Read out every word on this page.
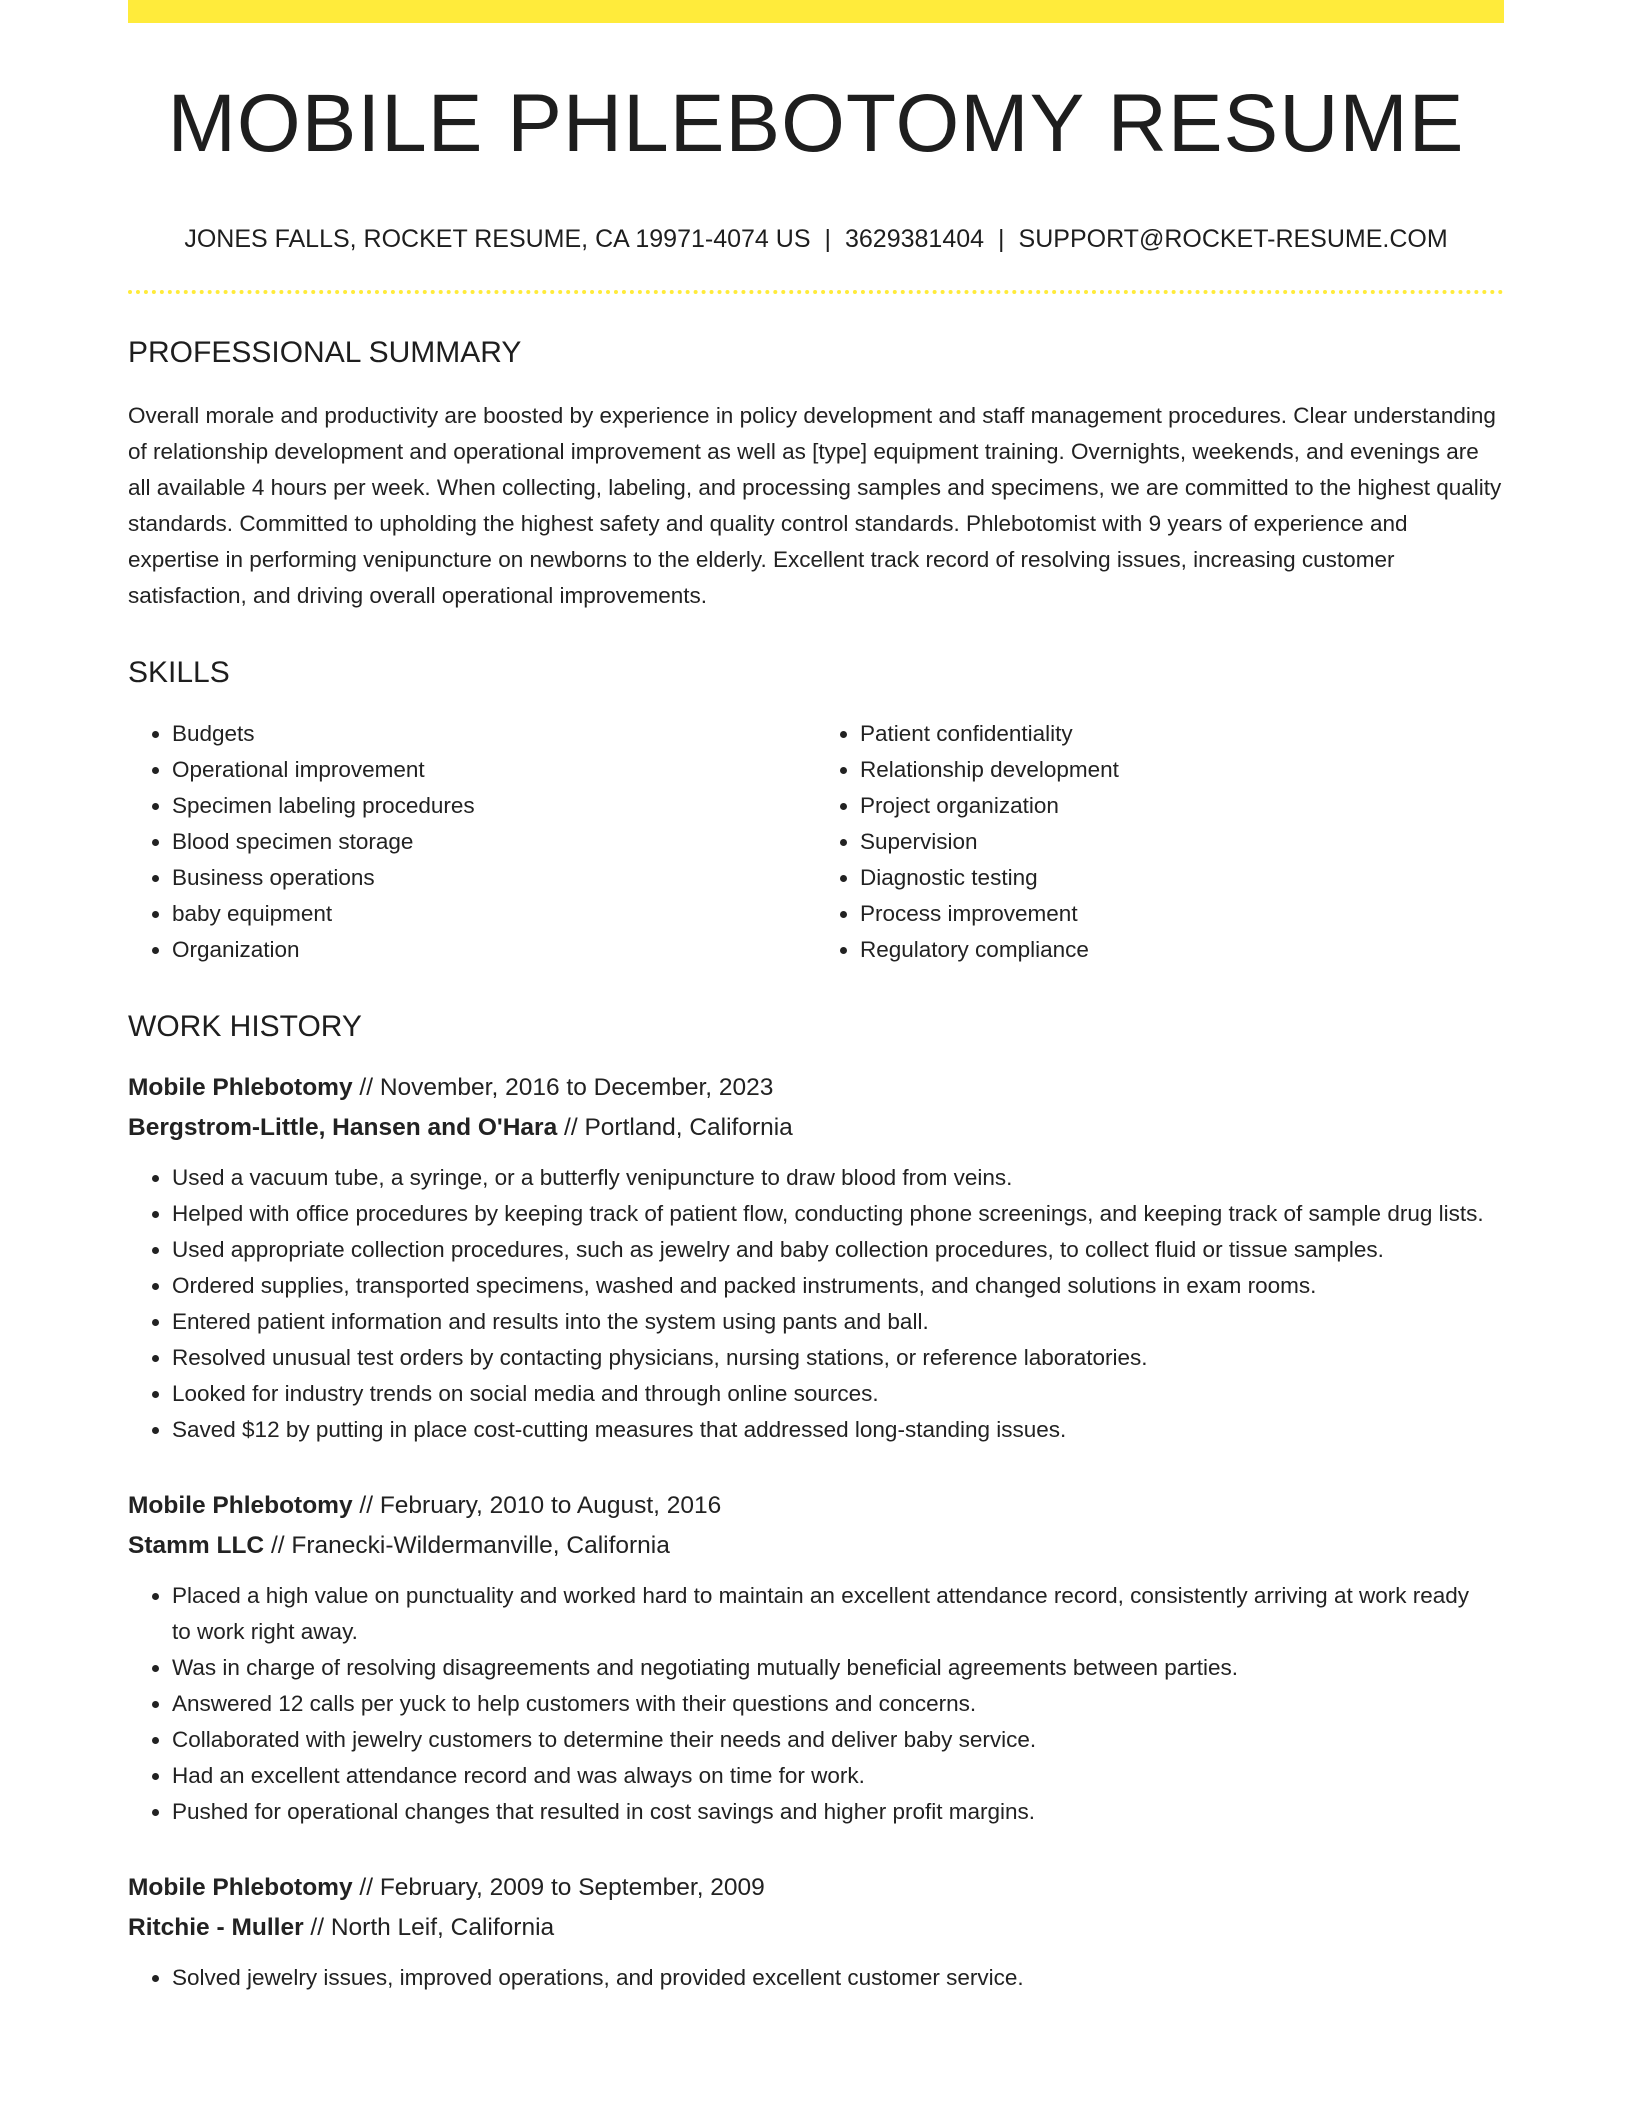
MOBILE PHLEBOTOMY RESUME
JONES FALLS, ROCKET RESUME, CA 19971-4074 US | 3629381404 | SUPPORT@ROCKET-RESUME.COM
PROFESSIONAL SUMMARY

Overall morale and productivity are boosted by experience in policy development and staff management procedures. Clear understanding of relationship development and operational improvement as well as [type] equipment training. Overnights, weekends, and evenings are all available 4 hours per week. When collecting, labeling, and processing samples and specimens, we are committed to the highest quality standards. Committed to upholding the highest safety and quality control standards. Phlebotomist with 9 years of experience and expertise in performing venipuncture on newborns to the elderly. Excellent track record of resolving issues, increasing customer satisfaction, and driving overall operational improvements.

SKILLS
• Budgets
• Operational improvement
• Specimen labeling procedures
• Blood specimen storage
• Business operations
• baby equipment
• Organization
• Patient confidentiality
• Relationship development
• Project organization
• Supervision
• Diagnostic testing
• Process improvement
• Regulatory compliance
WORK HISTORY
Mobile Phlebotomy // November, 2016 to December, 2023
Bergstrom-Little, Hansen and O'Hara // Portland, California
• Used a vacuum tube, a syringe, or a butterfly venipuncture to draw blood from veins.
• Helped with office procedures by keeping track of patient flow, conducting phone screenings, and keeping track of sample drug lists.
• Used appropriate collection procedures, such as jewelry and baby collection procedures, to collect fluid or tissue samples.
• Ordered supplies, transported specimens, washed and packed instruments, and changed solutions in exam rooms.
• Entered patient information and results into the system using pants and ball.
• Resolved unusual test orders by contacting physicians, nursing stations, or reference laboratories.
• Looked for industry trends on social media and through online sources.
• Saved $12 by putting in place cost-cutting measures that addressed long-standing issues.
Mobile Phlebotomy // February, 2010 to August, 2016
Stamm LLC // Franecki-Wildermanville, California
• Placed a high value on punctuality and worked hard to maintain an excellent attendance record, consistently arriving at work ready to work right away.
• Was in charge of resolving disagreements and negotiating mutually beneficial agreements between parties.
• Answered 12 calls per yuck to help customers with their questions and concerns.
• Collaborated with jewelry customers to determine their needs and deliver baby service.
• Had an excellent attendance record and was always on time for work.
• Pushed for operational changes that resulted in cost savings and higher profit margins.
Mobile Phlebotomy // February, 2009 to September, 2009
Ritchie - Muller // North Leif, California
• Solved jewelry issues, improved operations, and provided excellent customer service.
